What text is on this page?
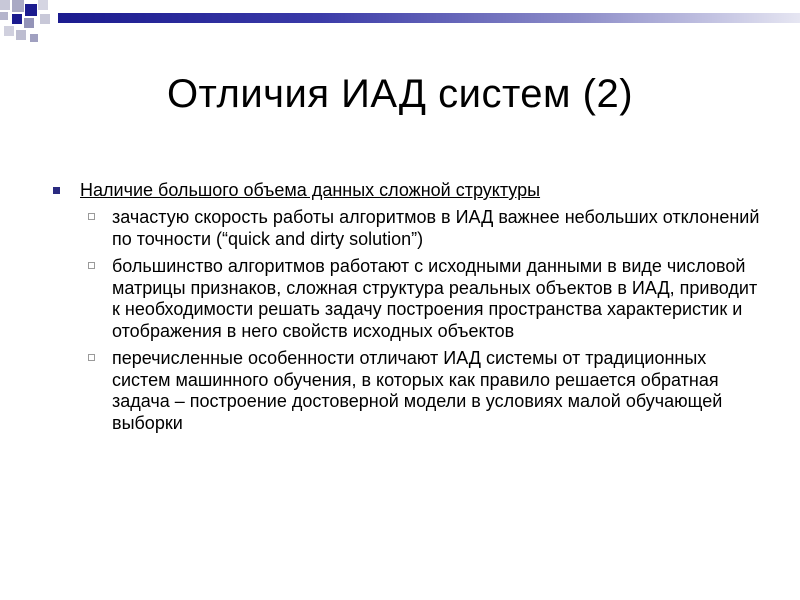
Отличия ИАД систем (2)
Наличие большого объема данных сложной структуры
зачастую скорость работы алгоритмов в ИАД важнее небольших отклонений по точности (“quick and dirty solution”)
большинство алгоритмов работают с исходными данными в виде числовой матрицы признаков, сложная структура реальных объектов в ИАД, приводит к необходимости решать задачу построения пространства характеристик и отображения в него свойств исходных объектов
перечисленные особенности отличают ИАД системы от традиционных систем машинного обучения, в которых как правило решается обратная задача – построение достоверной модели в условиях малой обучающей выборки
